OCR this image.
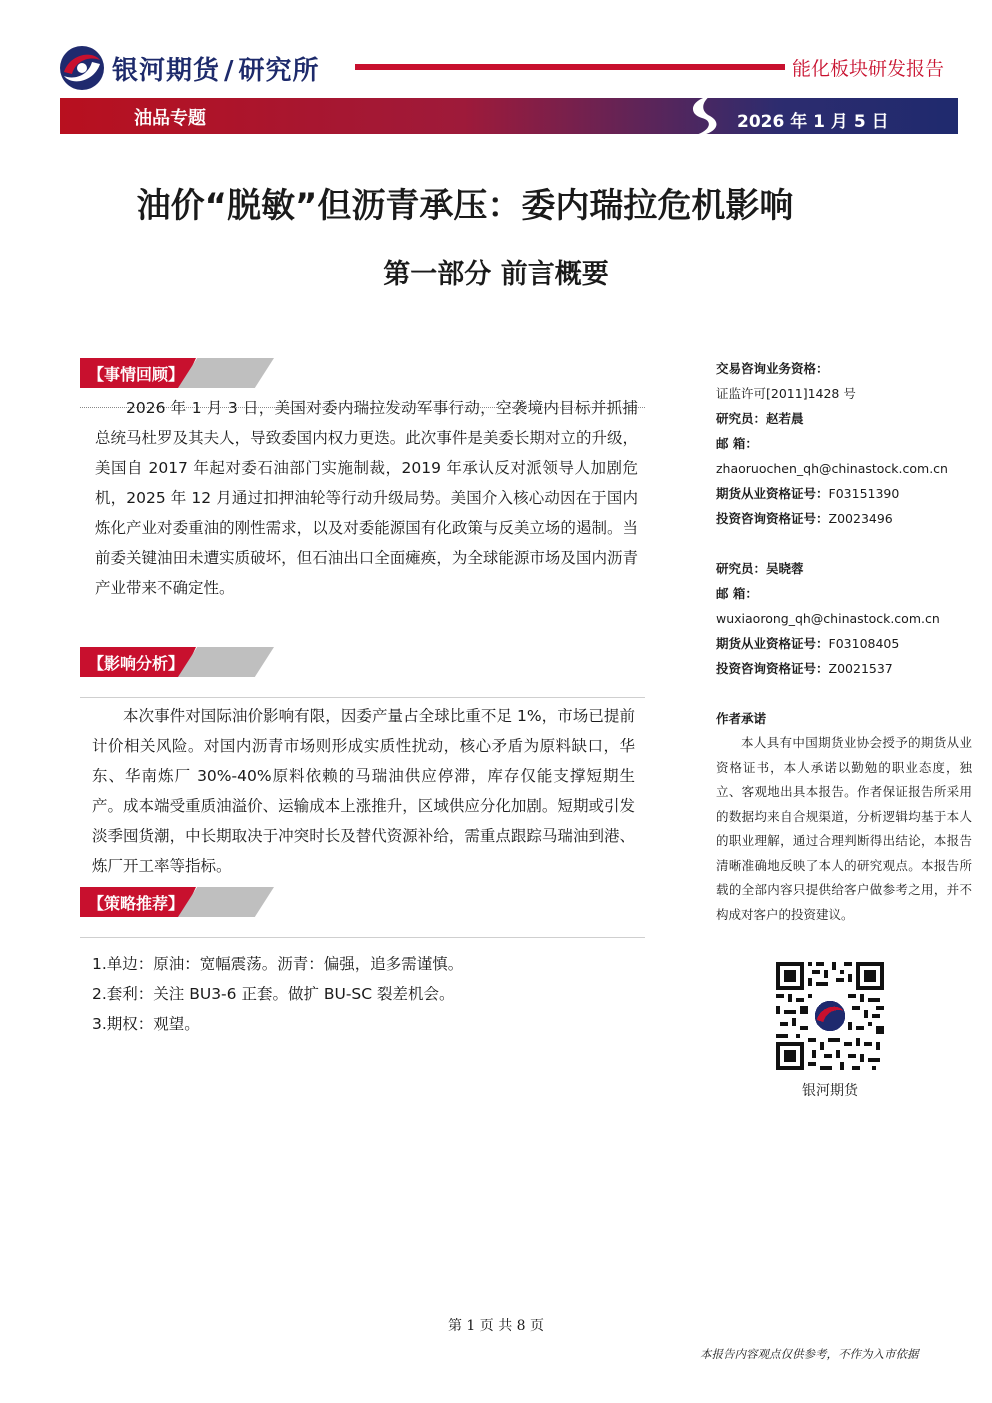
银河期货 / 研究所	能化板块研发报告
油品专题	2026 年 1 月 5 日
油价“脱敏”但沥青承压：委内瑞拉危机影响
第一部分 前言概要
【事情回顾】

2026 年 1 月 3 日，美国对委内瑞拉发动军事行动，空袭境内目标并抓捕总统马杜罗及其夫人，导致委国内权力更迭。此次事件是美委长期对立的升级，美国自 2017 年起对委石油部门实施制裁，2019 年承认反对派领导人加剧危机，2025 年 12 月通过扣押油轮等行动升级局势。美国介入核心动因在于国内炼化产业对委重油的刚性需求，以及对委能源国有化政策与反美立场的遏制。当前委关键油田未遭实质破坏，但石油出口全面瘫痪，为全球能源市场及国内沥青产业带来不确定性。

【影响分析】

本次事件对国际油价影响有限，因委产量占全球比重不足 1%，市场已提前计价相关风险。对国内沥青市场则形成实质性扰动，核心矛盾为原料缺口，华东、华南炼厂 30%-40%原料依赖的马瑞油供应停滞，库存仅能支撑短期生产。成本端受重质油溢价、运输成本上涨推升，区域供应分化加剧。短期或引发淡季囤货潮，中长期取决于冲突时长及替代资源补给，需重点跟踪马瑞油到港、炼厂开工率等指标。

【策略推荐】

1.单边：原油：宽幅震荡。沥青：偏强，追多需谨慎。

2.套利：关注 BU3-6 正套。做扩 BU-SC 裂差机会。

3.期权：观望。

交易咨询业务资格：
证监许可[2011]1428 号
研究员：赵若晨
邮 箱：
zhaoruochen_qh@chinastock.com.cn
期货从业资格证号：F03151390
投资咨询资格证号：Z0023496
研究员：吴晓蓉
邮 箱：
wuxiaorong_qh@chinastock.com.cn
期货从业资格证号：F03108405
投资咨询资格证号：Z0021537
作者承诺

本人具有中国期货业协会授予的期货从业资格证书，本人承诺以勤勉的职业态度，独立、客观地出具本报告。作者保证报告所采用的数据均来自合规渠道，分析逻辑均基于本人的职业理解，通过合理判断得出结论，本报告清晰准确地反映了本人的研究观点。本报告所载的全部内容只提供给客户做参考之用，并不构成对客户的投资建议。

银河期货
第 1 页 共 8 页
本报告内容观点仅供参考，不作为入市依据
